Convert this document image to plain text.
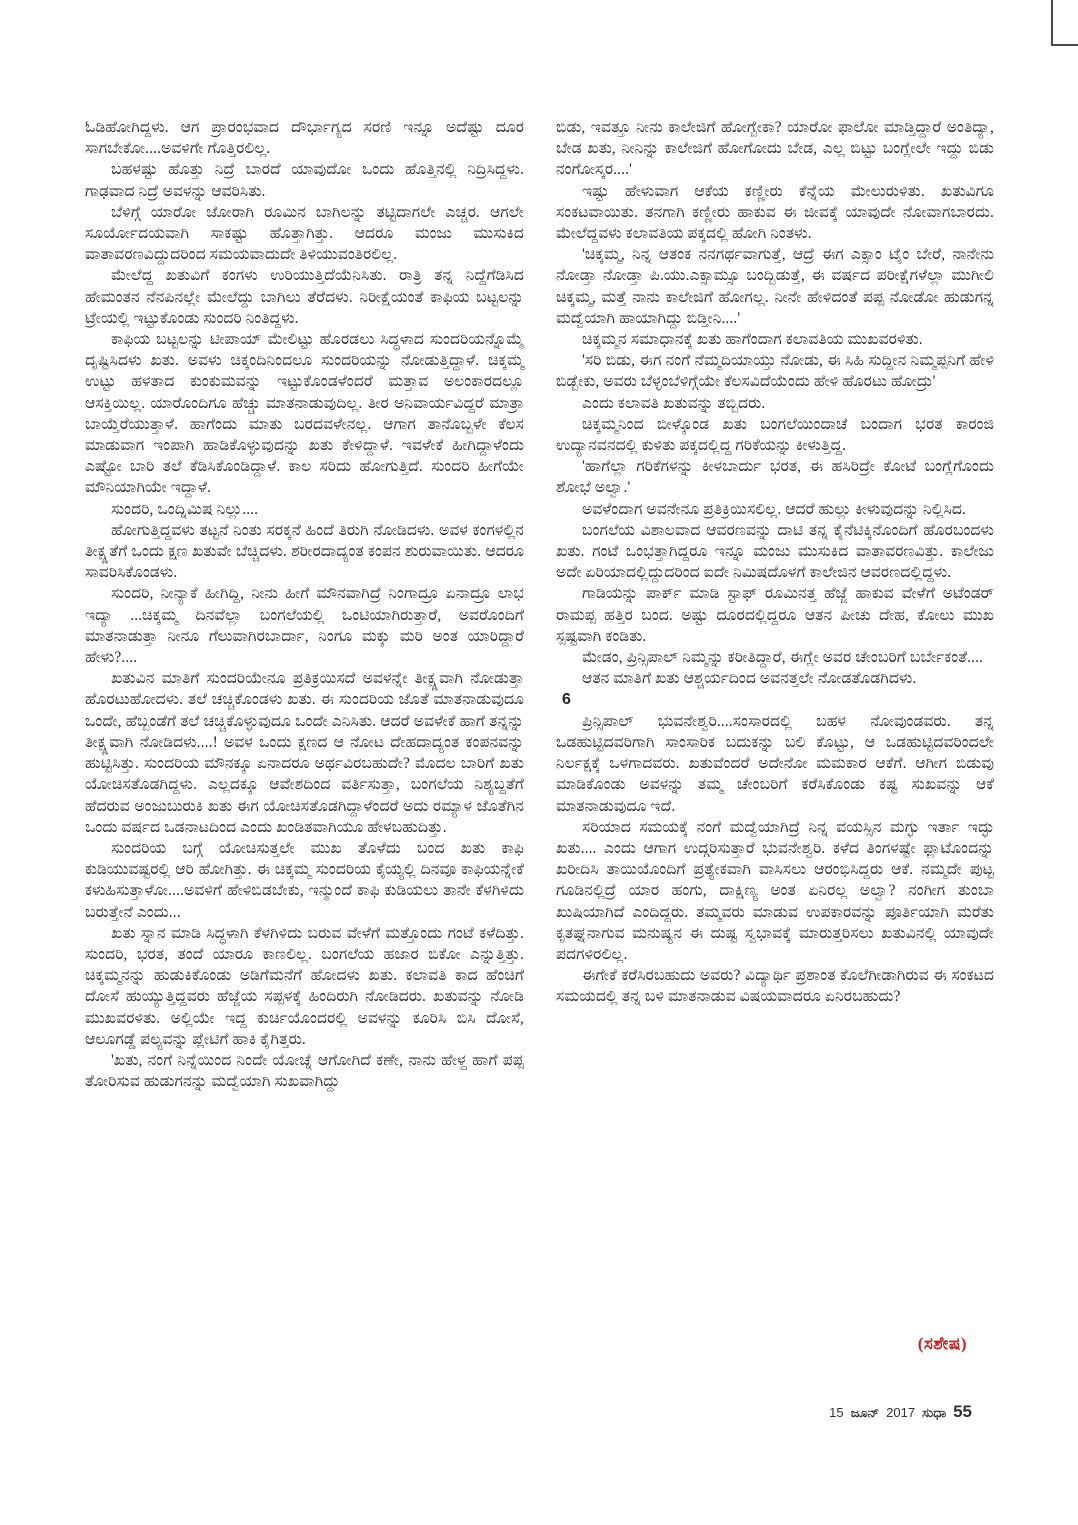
ಓಡಿಹೋಗಿದ್ದಳು. ಆಗ ಪ್ರಾರಂಭವಾದ ದೌರ್ಭಾಗ್ಯದ ಸರಣಿ ಇನ್ನೂ ಅದೆಷ್ಟು ದೂರ ಸಾಗಬೇಕೋ....ಅವಳಿಗೇ ಗೊತ್ತಿರಲಿಲ್ಲ.

ಬಹಳಷ್ಟು ಹೊತ್ತು ನಿದ್ರೆ ಬಾರದೆ ಯಾವುದೋ ಒಂದು ಹೊತ್ತಿನಲ್ಲಿ ನಿದ್ರಿಸಿದ್ದಳು. ಗಾಢವಾದ ನಿದ್ರೆ ಅವಳನ್ನು ಆವರಿಸಿತು.

ಬೆಳಿಗ್ಗೆ ಯಾರೋ ಜೋರಾಗಿ ರೂಮಿನ ಬಾಗಿಲನ್ನು ತಟ್ಟಿದಾಗಲೇ ಎಚ್ಚರ. ಆಗಲೇ ಸೂರ್ಯೋದಯವಾಗಿ ಸಾಕಷ್ಟು ಹೊತ್ತಾಗಿತ್ತು. ಆದರೂ ಮಂಜು ಮುಸುಕಿದ ವಾತಾವರಣವಿದ್ದುದರಿಂದ ಸಮಯವಾದುದೇ ತಿಳಿಯುವಂತಿರಲಿಲ್ಲ.

ಮೇಲೆದ್ದ ಖತುವಿಗೆ ಕಂಗಳು ಉರಿಯುತ್ತಿದೆಯೆನಿಸಿತು. ರಾತ್ರಿ ತನ್ನ ನಿದ್ದೆಗೆಡಿಸಿದ ಹೇಮಂತನ ನೆನಪಿನಲ್ಲೇ ಮೇಲೆದ್ದು ಬಾಗಿಲು ತೆರೆದಳು. ನಿರೀಕ್ಷೆಯಂತೆ ಕಾಫಿಯ ಬಟ್ಟಲನ್ನು ಟ್ರೇಯಲ್ಲಿ ಇಟ್ಟುಕೊಂಡು ಸುಂದರಿ ನಿಂತಿದ್ದಳು.

ಕಾಫಿಯ ಬಟ್ಟಲನ್ನು ಟೀಪಾಯ್ ಮೇಲಿಟ್ಟು ಹೊರಡಲು ಸಿದ್ಧಳಾದ ಸುಂದರಿಯನ್ನೊಮ್ಮೆ ದೃಷ್ಟಿಸಿದಳು ಖತು. ಅವಳು ಚಿಕ್ಕಂದಿನಿಂದಲೂ ಸುಂದರಿಯನ್ನು ನೋಡುತ್ತಿದ್ದಾಳೆ. ಚಿಕ್ಕಮ್ಮ ಉಟ್ಟು ಹಳತಾದ ಕುಂಕುಮವನ್ನು ಇಟ್ಟುಕೊಂಡಳೆಂದರೆ ಮತ್ತಾವ ಅಲಂಕಾರದಲ್ಲೂ ಆಸಕ್ತಿಯಿಲ್ಲ. ಯಾರೊಂದಿಗೂ ಹೆಚ್ಚು ಮಾತನಾಡುವುದಿಲ್ಲ. ತೀರ ಅನಿವಾರ್ಯವಿದ್ದರೆ ಮಾತ್ರಾ ಬಾಯ್ತೆರೆಯುತ್ತಾಳೆ. ಹಾಗೆಂದು ಮಾತು ಬರದವಳೇನಲ್ಲ. ಆಗಾಗ ತಾನೊಬ್ಬಳೇ ಕೆಲಸ ಮಾಡುವಾಗ ಇಂಪಾಗಿ ಹಾಡಿಕೊಳ್ಳುವುದನ್ನು ಖತು ಕೇಳಿದ್ದಾಳೆ. ಇವಳೇಕೆ ಹೀಗಿದ್ದಾಳೆಂದು ಎಷ್ಟೋ ಬಾರಿ ತಲೆ ಕೆಡಿಸಿಕೊಂಡಿದ್ದಾಳೆ. ಕಾಲ ಸರಿದು ಹೋಗುತ್ತಿದೆ. ಸುಂದರಿ ಹೀಗೆಯೇ ಮೌನಿಯಾಗಿಯೇ ಇದ್ದಾಳೆ.

ಸುಂದರಿ, ಒಂದ್ನಿಮಿಷ ನಿಲ್ಲು....

ಹೋಗುತ್ತಿದ್ದವಳು ತಟ್ಟನೆ ನಿಂತು ಸರಕ್ಕನೆ ಹಿಂದೆ ತಿರುಗಿ ನೋಡಿದಳು. ಅವಳ ಕಂಗಳಲ್ಲಿನ ತೀಕ್ಷ್ಣತೆಗೆ ಒಂದು ಕ್ಷಣ ಖತುವೇ ಬೆಚ್ಚಿದಳು. ಶರೀರದಾದ್ಯಂತ ಕಂಪನ ಶುರುವಾಯಿತು. ಆದರೂ ಸಾವರಿಸಿಕೊಂಡಳು.

ಸುಂದರಿ, ನೀನ್ಯಾಕೆ ಹೀಗಿದ್ದಿ, ನೀನು ಹೀಗೆ ಮೌನವಾಗಿದ್ರೆ ನಿಂಗಾದ್ರೂ ಏನಾದ್ರೂ ಲಾಭ ಇದ್ಯಾ ...ಚಿಕ್ಕಮ್ಮ ದಿನವೆಲ್ಲಾ ಬಂಗಲೆಯಲ್ಲಿ ಒಂಟಿಯಾಗಿರುತ್ತಾರೆ, ಅವರೊಂದಿಗೆ ಮಾತನಾಡುತ್ತಾ ನೀನೂ ಗೆಲುವಾಗಿರಬಾರ್ದಾ, ನಿಂಗೂ ಮಕ್ಕು ಮರಿ ಅಂತ ಯಾರಿದ್ದಾರೆ ಹೇಳು?....

ಖತುವಿನ ಮಾತಿಗೆ ಸುಂದರಿಯೇನೂ ಪ್ರತಿಕ್ರಯಿಸದೆ ಅವಳನ್ನೇ ತೀಕ್ಷ್ಣವಾಗಿ ನೋಡುತ್ತಾ ಹೊರಟುಹೋದಳು. ತಲೆ ಚಚ್ಚಿಕೊಂಡಳು ಖತು. ಈ ಸುಂದರಿಯ ಜೊತೆ ಮಾತನಾಡುವುದೂ ಒಂದೇ, ಹೆಬ್ಬಂಡೆಗೆ ತಲೆ ಚಚ್ಚಿಕೊಳ್ಳುವುದೂ ಒಂದೇ ಎನಿಸಿತು. ಆದರೆ ಅವಳೇಕೆ ಹಾಗೆ ತನ್ನನ್ನು ತೀಕ್ಷ್ಣವಾಗಿ ನೋಡಿದಳು....! ಅವಳ ಒಂದು ಕ್ಷಣದ ಆ ನೋಟ ದೇಹದಾದ್ಯಂತ ಕಂಪನವನ್ನು ಹುಟ್ಟಿಸಿತ್ತು. ಸುಂದರಿಯ ಮೌನಕ್ಕೂ ಏನಾದರೂ ಅರ್ಥವಿರಬಹುದೇ? ಮೊದಲ ಬಾರಿಗೆ ಖತು ಯೋಚಿಸತೊಡಗಿದ್ದಳು. ಎಲ್ಲದಕ್ಕೂ ಆವೇಶದಿಂದ ವರ್ತಿಸುತ್ತಾ, ಬಂಗಲೆಯ ನಿಶ್ಯಬ್ದತೆಗೆ ಹೆದರುವ ಅಂಜುಬುರುಕಿ ಖತು ಈಗ ಯೋಚಿಸತೊಡಗಿದ್ದಾಳೆಂದರೆ ಅದು ರಮ್ಯಾಳ ಜೊತೆಗಿನ ಒಂದು ವರ್ಷದ ಒಡನಾಟದಿಂದ ಎಂದು ಖಂಡಿತವಾಗಿಯೂ ಹೇಳಬಹುದಿತ್ತು.

ಸುಂದರಿಯ ಬಗ್ಗೆ ಯೋಚಿಸುತ್ತಲೇ ಮುಖ ತೊಳೆದು ಬಂದ ಖತು ಕಾಫಿ ಕುಡಿಯುವಷ್ಟರಲ್ಲಿ ಆರಿ ಹೋಗಿತ್ತು. ಈ ಚಿಕ್ಕಮ್ಮ ಸುಂದರಿಯ ಕೈಯ್ಯಲ್ಲಿ ದಿನವೂ ಕಾಫಿಯನ್ನೇಕೆ ಕಳುಹಿಸುತ್ತಾಳೋ....ಅವಳಿಗೆ ಹೇಳಿಬಿಡಬೇಕು, ಇನ್ಮುಂದೆ ಕಾಫಿ ಕುಡಿಯಲು ತಾನೇ ಕೆಳಗಿಳಿದು ಬರುತ್ತೇನೆ ಎಂದು...

ಖತು ಸ್ನಾನ ಮಾಡಿ ಸಿದ್ಧಳಾಗಿ ಕೆಳಗಿಳಿದು ಬರುವ ವೇಳೆಗೆ ಮತ್ತೊಂದು ಗಂಟೆ ಕಳೆದಿತ್ತು. ಸುಂದರಿ, ಭರತ, ತಂದೆ ಯಾರೂ ಕಾಣಲಿಲ್ಲ. ಬಂಗಲೆಯ ಹಜಾರ ಬಿಕೋ ಎನ್ನುತ್ತಿತ್ತು. ಚಿಕ್ಕಮ್ಮನನ್ನು ಹುಡುಕಿಕೊಂಡು ಅಡಿಗೆಮನೆಗೆ ಹೋದಳು ಖತು. ಕಲಾವತಿ ಕಾದ ಹೆಂಚಿಗೆ ದೋಸೆ ಹುಯ್ಯುತ್ತಿದ್ದವರು ಹೆಜ್ಜೆಯ ಸಪ್ಪಳಕ್ಕೆ ಹಿಂದಿರುಗಿ ನೋಡಿದರು. ಖತುವನ್ನು ನೋಡಿ ಮುಖವರಳಿತು. ಅಲ್ಲಿಯೇ ಇದ್ದ ಕುರ್ಚಿಯೊಂದರಲ್ಲಿ ಅವಳನ್ನು ಕೂರಿಸಿ ಬಿಸಿ ದೋಸೆ, ಆಲೂಗಡ್ಡೆ ಪಲ್ಯವನ್ನು ಪ್ಲೇಟಿಗೆ ಹಾಕಿ ಕೈಗಿತ್ತರು.

'ಖತು, ನಂಗೆ ನಿನ್ನೆಯಿಂದ ನಿಂದೇ ಯೋಚ್ನೆ ಆಗೋಗಿದೆ ಕಣೇ, ನಾನು ಹೇಳ್ದ ಹಾಗೆ ಪಪ್ಪ ತೋರಿಸುವ ಹುಡುಗನನ್ನು ಮದ್ವೆಯಾಗಿ ಸುಖವಾಗಿದ್ದು

ಬಿಡು, ಇವತ್ತೂ ನೀನು ಕಾಲೇಜಿಗೆ ಹೋಗ್ಬೇಕಾ? ಯಾರೋ ಫಾಲೋ ಮಾಡ್ತಿದ್ದಾರೆ ಅಂತಿದ್ಯಾ, ಬೇಡ ಖತು, ನೀನಿನ್ನು ಕಾಲೇಜಿಗೆ ಹೋಗೋದು ಬೇಡ, ಎಲ್ಲ ಬಿಟ್ಟು ಬಂಗ್ಲೇಲೇ ಇದ್ದು ಬಿಡು ನಂಗೋಸ್ಕರ....'

ಇಷ್ಟು ಹೇಳುವಾಗ ಆಕೆಯ ಕಣ್ಣೀರು ಕೆನ್ನೆಯ ಮೇಲುರುಳಿತು. ಖತುವಿಗೂ ಸಂಕಟವಾಯಿತು. ತನಗಾಗಿ ಕಣ್ಣೀರು ಹಾಕುವ ಈ ಜೀವಕ್ಕೆ ಯಾವುದೇ ನೋವಾಗಬಾರದು. ಮೇಲೆದ್ದವಳು ಕಲಾವತಿಯ ಪಕ್ಕದಲ್ಲಿ ಹೋಗಿ ನಿಂತಳು.

'ಚಿಕ್ಕಮ್ಮ, ನಿನ್ನ ಆತಂಕ ನನಗರ್ಥವಾಗುತ್ತೆ, ಆದ್ರೆ ಈಗ ಎಕ್ಸಾಂ ಟೈಂ ಬೇರೆ, ನಾನೇನು ನೋಡ್ತಾ ನೋಡ್ತಾ ಪಿ.ಯು.ಎಕ್ಸಾಮ್ಸೂ ಬಂದ್ಬಿಡುತ್ತೆ, ಈ ವರ್ಷದ ಪರೀಕ್ಷೆಗಳೆಲ್ಲಾ ಮುಗೀಲಿ ಚಿಕ್ಕಮ್ಮ, ಮತ್ತೆ ನಾನು ಕಾಲೇಜಿಗೆ ಹೋಗಲ್ಲ. ನೀನೇ ಹೇಳಿದಂತೆ ಪಪ್ಪ ನೋಡೋ ಹುಡುಗನ್ನ ಮದ್ವೆಯಾಗಿ ಹಾಯಾಗಿದ್ದು ಬಿಡ್ತೀನಿ....'

ಚಿಕ್ಕಮ್ಮನ ಸಮಾಧಾನಕ್ಕೆ ಖತು ಹಾಗೆಂದಾಗ ಕಲಾವತಿಯ ಮುಖವರಳಿತು.

'ಸರಿ ಬಿಡು, ಈಗ ನಂಗೆ ನೆಮ್ಮದಿಯಾಯ್ತು ನೋಡು, ಈ ಸಿಹಿ ಸುದ್ದೀನ ನಿಮ್ಮಪ್ಪನಿಗೆ ಹೇಳಿ ಬಿಡ್ಬೇಕು, ಅವರು ಬೆಳ್ಳಂಬೆಳಿಗ್ಗೆಯೇ ಕೆಲಸವಿದೆಯೆಂದು ಹೇಳಿ ಹೊರಟು ಹೋದ್ರು'

ಎಂದು ಕಲಾವತಿ ಖತುವನ್ನು ತಬ್ಬಿದರು.

ಚಿಕ್ಕಮ್ಮನಿಂದ ಬೀಳ್ಕೊಂಡ ಖತು ಬಂಗಲೆಯಿಂದಾಚೆ ಬಂದಾಗ ಭರತ ಕಾರಂಜಿ ಉದ್ಯಾನವನದಲ್ಲಿ ಕುಳಿತು ಪಕ್ಕದಲ್ಲಿದ್ದ ಗರಿಕೆಯನ್ನು ಕೀಳುತ್ತಿದ್ದ.

'ಹಾಗೆಲ್ಲಾ ಗರಿಕೆಗಳನ್ನು ಕೀಳಬಾರ್ದು ಭರತ, ಈ ಹಸಿರಿದ್ರೇ ಕೋಟೆ ಬಂಗ್ಲೆಗೊಂದು ಶೋಭೆ ಅಲ್ವಾ.'

ಅವಳೆಂದಾಗ ಅವನೇನೂ ಪ್ರತಿಕ್ರಿಯಿಸಲಿಲ್ಲ. ಆದರೆ ಹುಲ್ಲು ಕೀಳುವುದನ್ನು ನಿಲ್ಲಿಸಿದ.

ಬಂಗಲೆಯ ವಿಶಾಲವಾದ ಆವರಣವನ್ನು ದಾಟಿ ತನ್ನ ಕೈನೆಟಿಕ್ಕಿನೊಂದಿಗೆ ಹೊರಬಂದಳು ಖತು. ಗಂಟೆ ಒಂಭತ್ತಾಗಿದ್ದರೂ ಇನ್ನೂ ಮಂಜು ಮುಸುಕಿದ ವಾತಾವರಣವಿತ್ತು. ಕಾಲೇಜು ಅದೇ ಏರಿಯಾದಲ್ಲಿದ್ದುದರಿಂದ ಐದೇ ನಿಮಿಷದೊಳಗೆ ಕಾಲೇಜಿನ ಆವರಣದಲ್ಲಿದ್ದಳು.

ಗಾಡಿಯನ್ನು ಪಾರ್ಕ್ ಮಾಡಿ ಸ್ಟಾಫ್ ರೂಮಿನತ್ತ ಹೆಜ್ಜೆ ಹಾಕುವ ವೇಳೆಗೆ ಅಟೆಂಡರ್ ರಾಮಪ್ಪ ಹತ್ತಿರ ಬಂದ. ಅಷ್ಟು ದೂರದಲ್ಲಿದ್ದರೂ ಆತನ ಪೀಚು ದೇಹ, ಕೋಲು ಮುಖ ಸ್ಪಷ್ಟವಾಗಿ ಕಂಡಿತು.

ಮೇಡಂ, ಪ್ರಿನ್ಸಿಪಾಲ್ ನಿಮ್ಮನ್ನು ಕರೀತಿದ್ದಾರೆ, ಈಗ್ಲೇ ಅವರ ಚೇಂಬರಿಗೆ ಬರ್ಬೇಕಂತೆ....

ಆತನ ಮಾತಿಗೆ ಖತು ಆಶ್ಚರ್ಯದಿಂದ ಅವನತ್ತಲೇ ನೋಡತೊಡಗಿದಳು.

6

ಪ್ರಿನ್ಸಿಪಾಲ್ ಭುವನೇಶ್ವರಿ....ಸಂಸಾರದಲ್ಲಿ ಬಹಳ ನೋವುಂಡವರು. ತನ್ನ ಒಡಹುಟ್ಟಿದವರಿಗಾಗಿ ಸಾಂಸಾರಿಕ ಬದುಕನ್ನು ಬಲಿ ಕೊಟ್ಟು, ಆ ಒಡಹುಟ್ಟಿದವರಿಂದಲೇ ನಿರ್ಲಕ್ಷಕ್ಕೆ ಒಳಗಾದವರು. ಖತುವೆಂದರೆ ಅದೇನೋ ಮಮಕಾರ ಆಕೆಗೆ. ಆಗೀಗ ಬಿಡುವು ಮಾಡಿಕೊಂಡು ಅವಳನ್ನು ತಮ್ಮ ಚೇಂಬರಿಗೆ ಕರೆಸಿಕೊಂಡು ಕಷ್ಟ ಸುಖವನ್ನು ಆಕೆ ಮಾತನಾಡುವುದೂ ಇದೆ.

ಸರಿಯಾದ ಸಮಯಕ್ಕೆ ನಂಗೆ ಮದ್ವೆಯಾಗಿದ್ರೆ ನಿನ್ನ ವಯಸ್ಸಿನ ಮಗ್ಳು ಇರ್ತಾ ಇದ್ಳು ಖತು.... ಎಂದು ಆಗಾಗ ಉದ್ಗರಿಸುತ್ತಾರೆ ಭುವನೇಶ್ವರಿ. ಕಳೆದ ತಿಂಗಳಷ್ಟೇ ಫ್ಲಾಟೊಂದನ್ನು ಖರೀದಿಸಿ ತಾಯಿಯೊಂದಿಗೆ ಪ್ರತ್ಯೇಕವಾಗಿ ವಾಸಿಸಲು ಆರಂಭಿಸಿದ್ದರು ಆಕೆ. ನಮ್ಮದೇ ಪುಟ್ಟ ಗೂಡಿನಲ್ಲಿದ್ರೆ ಯಾರ ಹಂಗು, ದಾಕ್ಷಿಣ್ಯ ಅಂತ ಏನಿರಲ್ಲ ಅಲ್ವಾ? ನಂಗೀಗ ತುಂಬಾ ಖುಷಿಯಾಗಿದೆ ಎಂದಿದ್ದರು. ತಮ್ಮವರು ಮಾಡುವ ಉಪಕಾರವನ್ನು ಪೂರ್ತಿಯಾಗಿ ಮರೆತು ಕೃತಘ್ನನಾಗುವ ಮನುಷ್ಯನ ಈ ದುಷ್ಟ ಸ್ವಭಾವಕ್ಕೆ ಮಾರುತ್ತರಿಸಲು ಖತುವಿನಲ್ಲಿ ಯಾವುದೇ ಪದಗಳಿರಲಿಲ್ಲ.

ಈಗೇಕೆ ಕರೆಸಿರಬಹುದು ಅವರು? ವಿದ್ಯಾರ್ಥಿ ಪ್ರಶಾಂತ ಕೊಲೆಗೀಡಾಗಿರುವ ಈ ಸಂಕಟದ ಸಮಯದಲ್ಲಿ ತನ್ನ ಬಳಿ ಮಾತನಾಡುವ ವಿಷಯವಾದರೂ ಏನಿರಬಹುದು?

(ಸಶೇಷ)
15 ಜೂನ್ 2017 ಸುಧಾ 55
